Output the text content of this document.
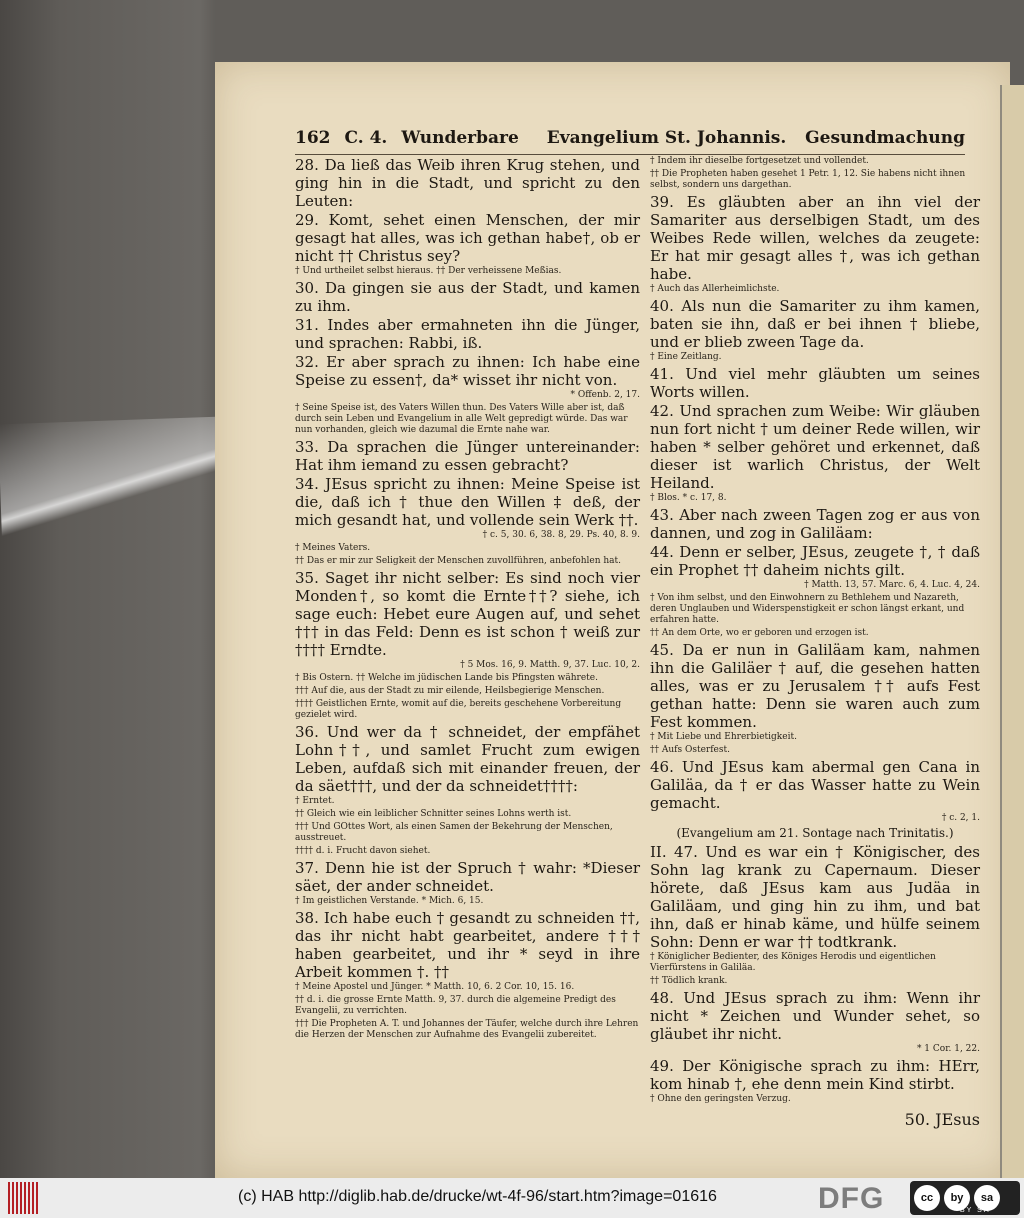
162 C. 4. Wunderbare Evangelium St. Johannis. Gesundmachung

28. Da ließ das Weib ihren Krug stehen, und ging hin in die Stadt, und spricht zu den Leuten:

29. Komt, sehet einen Menschen, der mir gesagt hat alles, was ich gethan habe†, ob er nicht †† Christus sey?

† Und urtheilet selbst hieraus. †† Der verheissene Meßias.

30. Da gingen sie aus der Stadt, und kamen zu ihm.

31. Indes aber ermahneten ihn die Jünger, und sprachen: Rabbi, iß.

32. Er aber sprach zu ihnen: Ich habe eine Speise zu essen†, da* wisset ihr nicht von.

* Offenb. 2, 17.

† Seine Speise ist, des Vaters Willen thun. Des Vaters Wille aber ist, daß durch sein Leben und Evangelium in alle Welt gepredigt würde. Das war nun vorhanden, gleich wie dazumal die Ernte nahe war.

33. Da sprachen die Jünger untereinander: Hat ihm iemand zu essen gebracht?

34. JEsus spricht zu ihnen: Meine Speise ist die, daß ich † thue den Willen ‡ deß, der mich gesandt hat, und vollende sein Werk ††.

† c. 5, 30. 6, 38. 8, 29. Ps. 40, 8. 9.

† Meines Vaters.

†† Das er mir zur Seligkeit der Menschen zuvollführen, anbefohlen hat.

35. Saget ihr nicht selber: Es sind noch vier Monden†, so komt die Ernte††? siehe, ich sage euch: Hebet eure Augen auf, und sehet ††† in das Feld: Denn es ist schon † weiß zur †††† Erndte.

† 5 Mos. 16, 9. Matth. 9, 37. Luc. 10, 2.

† Bis Ostern. †† Welche im jüdischen Lande bis Pfingsten währete.

††† Auf die, aus der Stadt zu mir eilende, Heilsbegierige Menschen.

†††† Geistlichen Ernte, womit auf die, bereits geschehene Vorbereitung gezielet wird.

36. Und wer da † schneidet, der empfähet Lohn††, und samlet Frucht zum ewigen Leben, aufdaß sich mit einander freuen, der da säet†††, und der da schneidet††††:

† Erntet.

†† Gleich wie ein leiblicher Schnitter seines Lohns werth ist.

††† Und GOttes Wort, als einen Samen der Bekehrung der Menschen, ausstreuet.

†††† d. i. Frucht davon siehet.

37. Denn hie ist der Spruch † wahr: *Dieser säet, der ander schneidet.

† Im geistlichen Verstande. * Mich. 6, 15.

38. Ich habe euch † gesandt zu schneiden ††, das ihr nicht habt gearbeitet, andere ††† haben gearbeitet, und ihr * seyd in ihre Arbeit kommen †. ††

† Meine Apostel und Jünger. * Matth. 10, 6. 2 Cor. 10, 15. 16.

†† d. i. die grosse Ernte Matth. 9, 37. durch die algemeine Predigt des Evangelii, zu verrichten.

††† Die Propheten A. T. und Johannes der Täufer, welche durch ihre Lehren die Herzen der Menschen zur Aufnahme des Evangelii zubereitet.

† Indem ihr dieselbe fortgesetzet und vollendet.

†† Die Propheten haben gesehet 1 Petr. 1, 12. Sie habens nicht ihnen selbst, sondern uns dargethan.

39. Es gläubten aber an ihn viel der Samariter aus derselbigen Stadt, um des Weibes Rede willen, welches da zeugete: Er hat mir gesagt alles †, was ich gethan habe.

† Auch das Allerheimlichste.

40. Als nun die Samariter zu ihm kamen, baten sie ihn, daß er bei ihnen † bliebe, und er blieb zween Tage da.

† Eine Zeitlang.

41. Und viel mehr gläubten um seines Worts willen.

42. Und sprachen zum Weibe: Wir gläuben nun fort nicht † um deiner Rede willen, wir haben * selber gehöret und erkennet, daß dieser ist warlich Christus, der Welt Heiland.

† Blos. * c. 17, 8.

43. Aber nach zween Tagen zog er aus von dannen, und zog in Galiläam:

44. Denn er selber, JEsus, zeugete †, † daß ein Prophet †† daheim nichts gilt.

† Matth. 13, 57. Marc. 6, 4. Luc. 4, 24.

† Von ihm selbst, und den Einwohnern zu Bethlehem und Nazareth, deren Unglauben und Widerspenstigkeit er schon längst erkant, und erfahren hatte.

†† An dem Orte, wo er geboren und erzogen ist.

45. Da er nun in Galiläam kam, nahmen ihn die Galiläer † auf, die gesehen hatten alles, was er zu Jerusalem †† aufs Fest gethan hatte: Denn sie waren auch zum Fest kommen.

† Mit Liebe und Ehrerbietigkeit.

†† Aufs Osterfest.

46. Und JEsus kam abermal gen Cana in Galiläa, da † er das Wasser hatte zu Wein gemacht.

† c. 2, 1.

(Evangelium am 21. Sontage nach Trinitatis.)

II. 47. Und es war ein † Königischer, des Sohn lag krank zu Capernaum. Dieser hörete, daß JEsus kam aus Judäa in Galiläam, und ging hin zu ihm, und bat ihn, daß er hinab käme, und hülfe seinem Sohn: Denn er war †† todtkrank.

† Königlicher Bedienter, des Königes Herodis und eigentlichen Vierfürstens in Galiläa.

†† Tödlich krank.

48. Und JEsus sprach zu ihm: Wenn ihr nicht * Zeichen und Wunder sehet, so gläubet ihr nicht.

* 1 Cor. 1, 22.

49. Der Königische sprach zu ihm: HErr, kom hinab †, ehe denn mein Kind stirbt.

† Ohne den geringsten Verzug.

50. JEsus

(c) HAB http://diglib.hab.de/drucke/wt-4f-96/start.htm?image=01616	DFG	cc	by	sa
BY SA
